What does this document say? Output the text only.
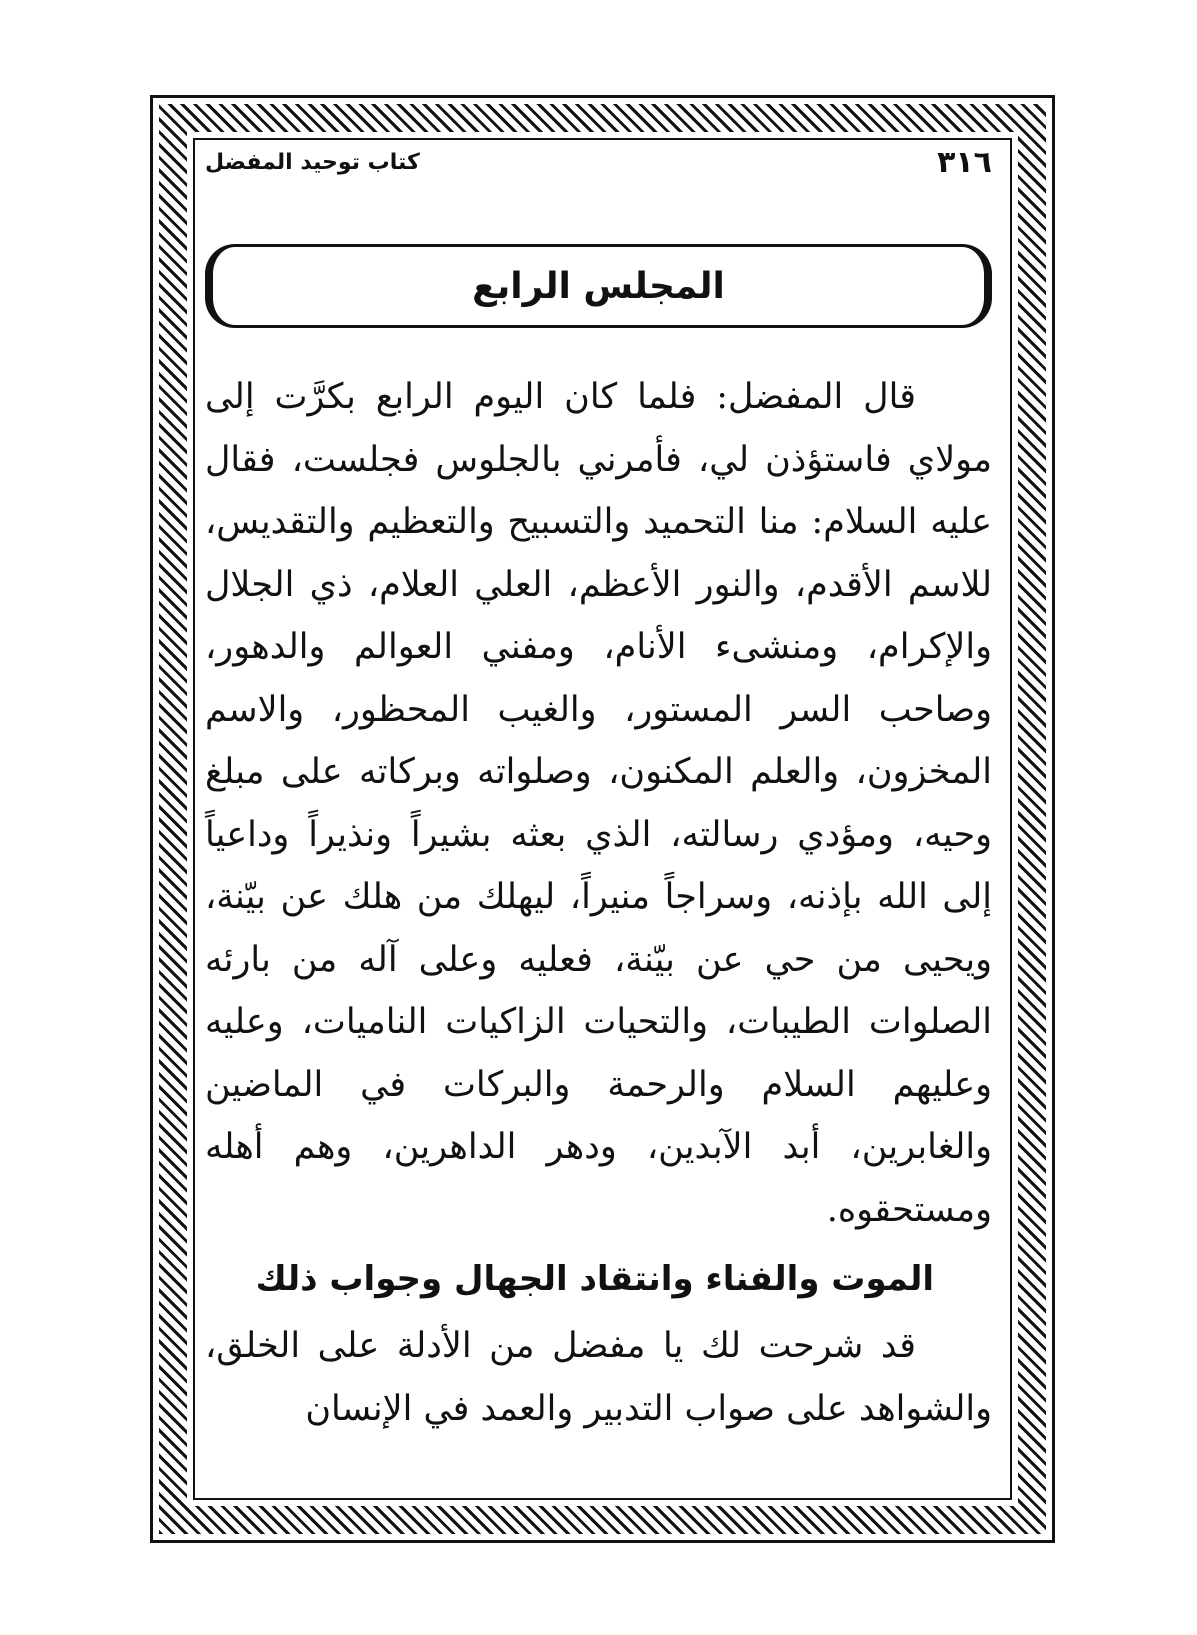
٣١٦
كتاب توحيد المفضل
المجلس الرابع

قال المفضل: فلما كان اليوم الرابع بكرَّت إلى مولاي فاستؤذن لي، فأمرني بالجلوس فجلست، فقال عليه السلام: منا التحميد والتسبيح والتعظيم والتقديس، للاسم الأقدم، والنور الأعظم، العلي العلام، ذي الجلال والإكرام، ومنشىء الأنام، ومفني العوالم والدهور، وصاحب السر المستور، والغيب المحظور، والاسم المخزون، والعلم المكنون، وصلواته وبركاته على مبلغ وحيه، ومؤدي رسالته، الذي بعثه بشيراً ونذيراً وداعياً إلى الله بإذنه، وسراجاً منيراً، ليهلك من هلك عن بيّنة، ويحيى من حي عن بيّنة، فعليه وعلى آله من بارئه الصلوات الطيبات، والتحيات الزاكيات الناميات، وعليه وعليهم السلام والرحمة والبركات في الماضين والغابرين، أبد الآبدين، ودهر الداهرين، وهم أهله ومستحقوه.

الموت والفناء وانتقاد الجهال وجواب ذلك

قد شرحت لك يا مفضل من الأدلة على الخلق، والشواهد على صواب التدبير والعمد في الإنسان
